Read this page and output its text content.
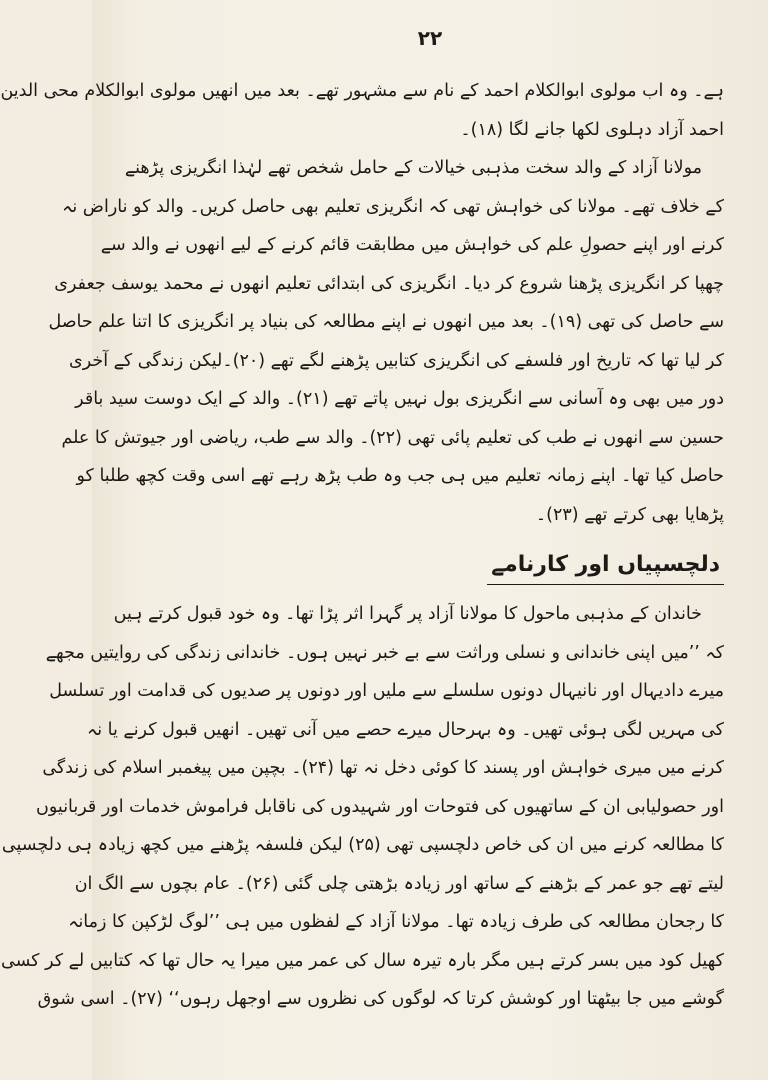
۲۲
ہے۔ وہ اب مولوی ابوالکلام احمد کے نام سے مشہور تھے۔ بعد میں انھیں مولوی ابوالکلام محی الدین
احمد آزاد دہلوی لکھا جانے لگا (۱۸)۔
مولانا آزاد کے والد سخت مذہبی خیالات کے حامل شخص تھے لہٰذا انگریزی پڑھنے
کے خلاف تھے۔ مولانا کی خواہش تھی کہ انگریزی تعلیم بھی حاصل کریں۔ والد کو ناراض نہ
کرنے اور اپنے حصولِ علم کی خواہش میں مطابقت قائم کرنے کے لیے انھوں نے والد سے
چھپا کر انگریزی پڑھنا شروع کر دیا۔ انگریزی کی ابتدائی تعلیم انھوں نے محمد یوسف جعفری
سے حاصل کی تھی (۱۹)۔ بعد میں انھوں نے اپنے مطالعہ کی بنیاد پر انگریزی کا اتنا علم حاصل
کر لیا تھا کہ تاریخ اور فلسفے کی انگریزی کتابیں پڑھنے لگے تھے (۲۰)۔لیکن زندگی کے آخری
دور میں بھی وہ آسانی سے انگریزی بول نہیں پاتے تھے (۲۱)۔ والد کے ایک دوست سید باقر
حسین سے انھوں نے طب کی تعلیم پائی تھی (۲۲)۔ والد سے طب، ریاضی اور جیوتش کا علم
حاصل کیا تھا۔ اپنے زمانہ تعلیم میں ہی جب وہ طب پڑھ رہے تھے اسی وقت کچھ طلبا کو
پڑھایا بھی کرتے تھے (۲۳)۔
دلچسپیاں اور کارنامے
خاندان کے مذہبی ماحول کا مولانا آزاد پر گہرا اثر پڑا تھا۔ وہ خود قبول کرتے ہیں
کہ ’’میں اپنی خاندانی و نسلی وراثت سے بے خبر نہیں ہوں۔ خاندانی زندگی کی روایتیں مجھے
میرے دادیہال اور نانیہال دونوں سلسلے سے ملیں اور دونوں پر صدیوں کی قدامت اور تسلسل
کی مہریں لگی ہوئی تھیں۔ وہ بہرحال میرے حصے میں آنی تھیں۔ انھیں قبول کرنے یا نہ
کرنے میں میری خواہش اور پسند کا کوئی دخل نہ تھا (۲۴)۔ بچپن میں پیغمبر اسلام کی زندگی
اور حصولیابی ان کے ساتھیوں کی فتوحات اور شہیدوں کی ناقابل فراموش خدمات اور قربانیوں
کا مطالعہ کرنے میں ان کی خاص دلچسپی تھی (۲۵) لیکن فلسفہ پڑھنے میں کچھ زیادہ ہی دلچسپی
لیتے تھے جو عمر کے بڑھنے کے ساتھ اور زیادہ بڑھتی چلی گئی (۲۶)۔ عام بچوں سے الگ ان
کا رجحان مطالعہ کی طرف زیادہ تھا۔ مولانا آزاد کے لفظوں میں ہی ’’لوگ لڑکپن کا زمانہ
کھیل کود میں بسر کرتے ہیں مگر بارہ تیرہ سال کی عمر میں میرا یہ حال تھا کہ کتابیں لے کر کسی
گوشے میں جا بیٹھتا اور کوشش کرتا کہ لوگوں کی نظروں سے اوجھل رہوں‘‘ (۲۷)۔ اسی شوق
